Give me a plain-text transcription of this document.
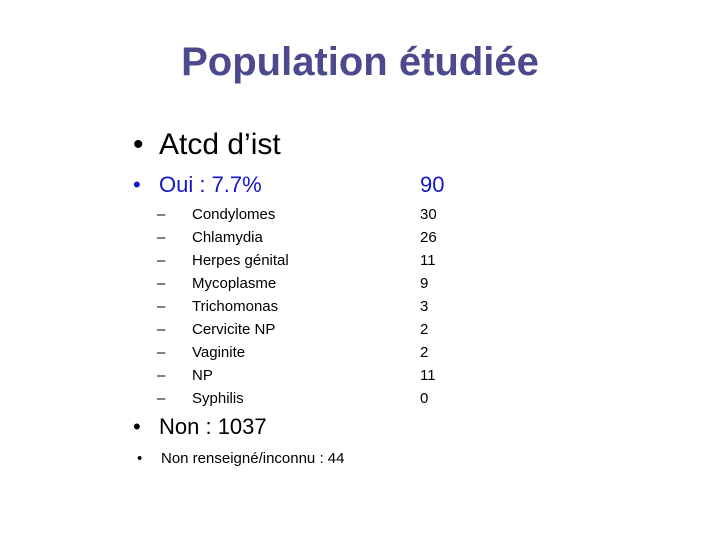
Population étudiée
• Atcd d’ist
• Oui : 7.7%	90
– Condylomes	30
– Chlamydia	26
– Herpes génital	11
– Mycoplasme	9
– Trichomonas	3
– Cervicite NP	2
– Vaginite	2
– NP	11
– Syphilis	0
• Non : 1037
• Non renseigné/inconnu : 44
